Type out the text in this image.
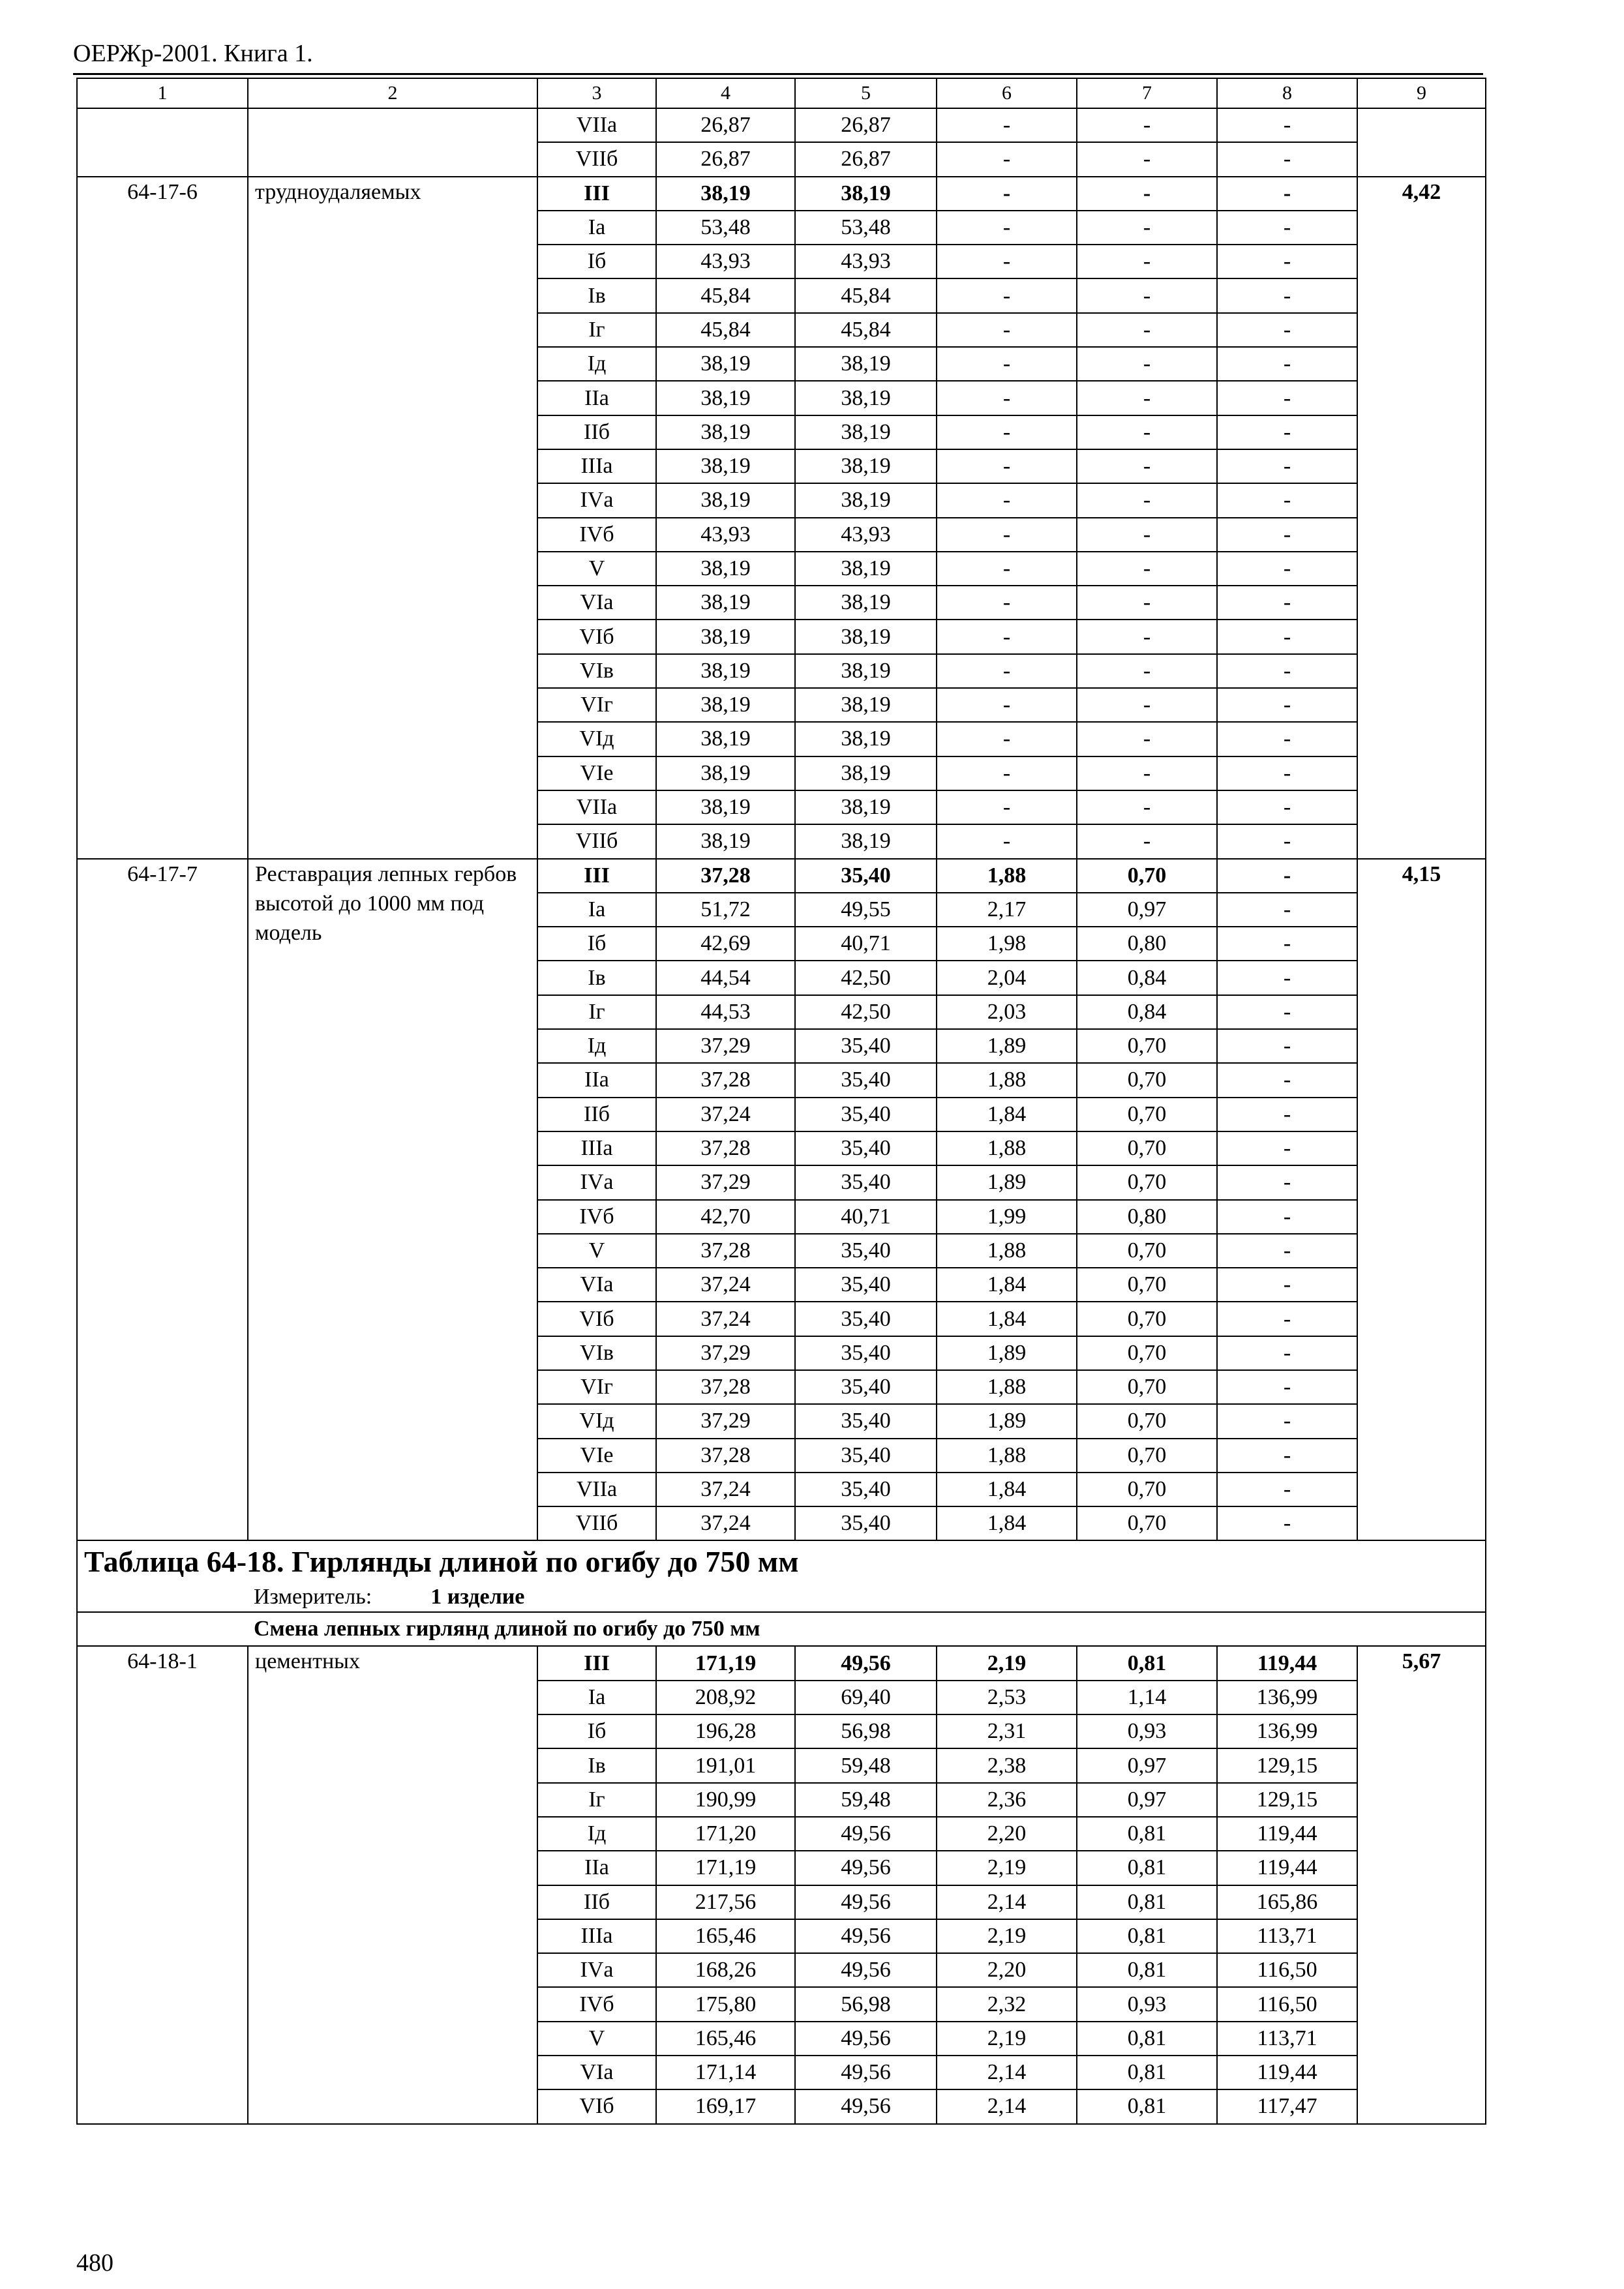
ОЕРЖр-2001. Книга 1.
1	2	3	4	5	6	7	8	9
		VIIа	26,87	26,87	-	-	-	
		VIIб	26,87	26,87	-	-	-	
64-17-6	трудноудаляемых	III	38,19	38,19	-	-	-	4,42
		Iа	53,48	53,48	-	-	-	
		Iб	43,93	43,93	-	-	-	
		Iв	45,84	45,84	-	-	-	
		Iг	45,84	45,84	-	-	-	
		Iд	38,19	38,19	-	-	-	
		IIа	38,19	38,19	-	-	-	
		IIб	38,19	38,19	-	-	-	
		IIIа	38,19	38,19	-	-	-	
		IVа	38,19	38,19	-	-	-	
		IVб	43,93	43,93	-	-	-	
		V	38,19	38,19	-	-	-	
		VIа	38,19	38,19	-	-	-	
		VIб	38,19	38,19	-	-	-	
		VIв	38,19	38,19	-	-	-	
		VIг	38,19	38,19	-	-	-	
		VIд	38,19	38,19	-	-	-	
		VIе	38,19	38,19	-	-	-	
		VIIа	38,19	38,19	-	-	-	
		VIIб	38,19	38,19	-	-	-	
64-17-7	Реставрация лепных гербов высотой до 1000 мм под модель	III	37,28	35,40	1,88	0,70	-	4,15
		Iа	51,72	49,55	2,17	0,97	-	
		Iб	42,69	40,71	1,98	0,80	-	
		Iв	44,54	42,50	2,04	0,84	-	
		Iг	44,53	42,50	2,03	0,84	-	
		Iд	37,29	35,40	1,89	0,70	-	
		IIа	37,28	35,40	1,88	0,70	-	
		IIб	37,24	35,40	1,84	0,70	-	
		IIIа	37,28	35,40	1,88	0,70	-	
		IVа	37,29	35,40	1,89	0,70	-	
		IVб	42,70	40,71	1,99	0,80	-	
		V	37,28	35,40	1,88	0,70	-	
		VIа	37,24	35,40	1,84	0,70	-	
		VIб	37,24	35,40	1,84	0,70	-	
		VIв	37,29	35,40	1,89	0,70	-	
		VIг	37,28	35,40	1,88	0,70	-	
		VIд	37,29	35,40	1,89	0,70	-	
		VIе	37,28	35,40	1,88	0,70	-	
		VIIа	37,24	35,40	1,84	0,70	-	
		VIIб	37,24	35,40	1,84	0,70	-	
Таблица 64-18. Гирлянды длиной по огибу до 750 мм								
Измеритель: 1 изделие								
Смена лепных гирлянд длиной по огибу до 750 мм								
64-18-1	цементных	III	171,19	49,56	2,19	0,81	119,44	5,67
		Iа	208,92	69,40	2,53	1,14	136,99	
		Iб	196,28	56,98	2,31	0,93	136,99	
		Iв	191,01	59,48	2,38	0,97	129,15	
		Iг	190,99	59,48	2,36	0,97	129,15	
		Iд	171,20	49,56	2,20	0,81	119,44	
		IIа	171,19	49,56	2,19	0,81	119,44	
		IIб	217,56	49,56	2,14	0,81	165,86	
		IIIа	165,46	49,56	2,19	0,81	113,71	
		IVа	168,26	49,56	2,20	0,81	116,50	
		IVб	175,80	56,98	2,32	0,93	116,50	
		V	165,46	49,56	2,19	0,81	113,71	
		VIа	171,14	49,56	2,14	0,81	119,44	
		VIб	169,17	49,56	2,14	0,81	117,47	
480
